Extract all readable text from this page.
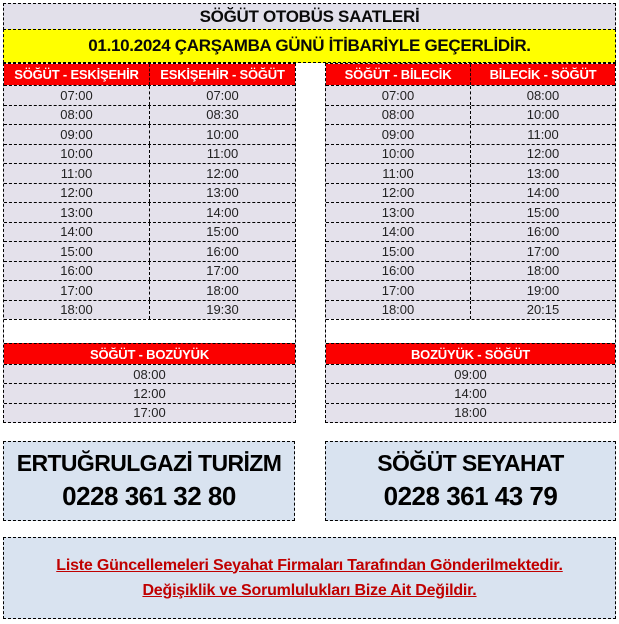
SÖĞÜT OTOBÜS SAATLERİ
01.10.2024 ÇARŞAMBA GÜNÜ İTİBARİYLE GEÇERLİDİR.
SÖĞÜT - ESKİŞEHİR	ESKİŞEHİR - SÖĞÜT
07:00	07:00
08:00	08:30
09:00	10:00
10:00	11:00
11:00	12:00
12:00	13:00
13:00	14:00
14:00	15:00
15:00	16:00
16:00	17:00
17:00	18:00
18:00	19:30
SÖĞÜT - BOZÜYÜK
08:00
12:00
17:00
SÖĞÜT - BİLECİK	BİLECİK - SÖĞÜT
07:00	08:00
08:00	10:00
09:00	11:00
10:00	12:00
11:00	13:00
12:00	14:00
13:00	15:00
14:00	16:00
15:00	17:00
16:00	18:00
17:00	19:00
18:00	20:15
BOZÜYÜK - SÖĞÜT
09:00
14:00
18:00
ERTUĞRULGAZİ TURİZM
0228 361 32 80
SÖĞÜT SEYAHAT
0228 361 43 79
Liste Güncellemeleri Seyahat Firmaları Tarafından Gönderilmektedir.
Değişiklik ve Sorumlulukları Bize Ait Değildir.
